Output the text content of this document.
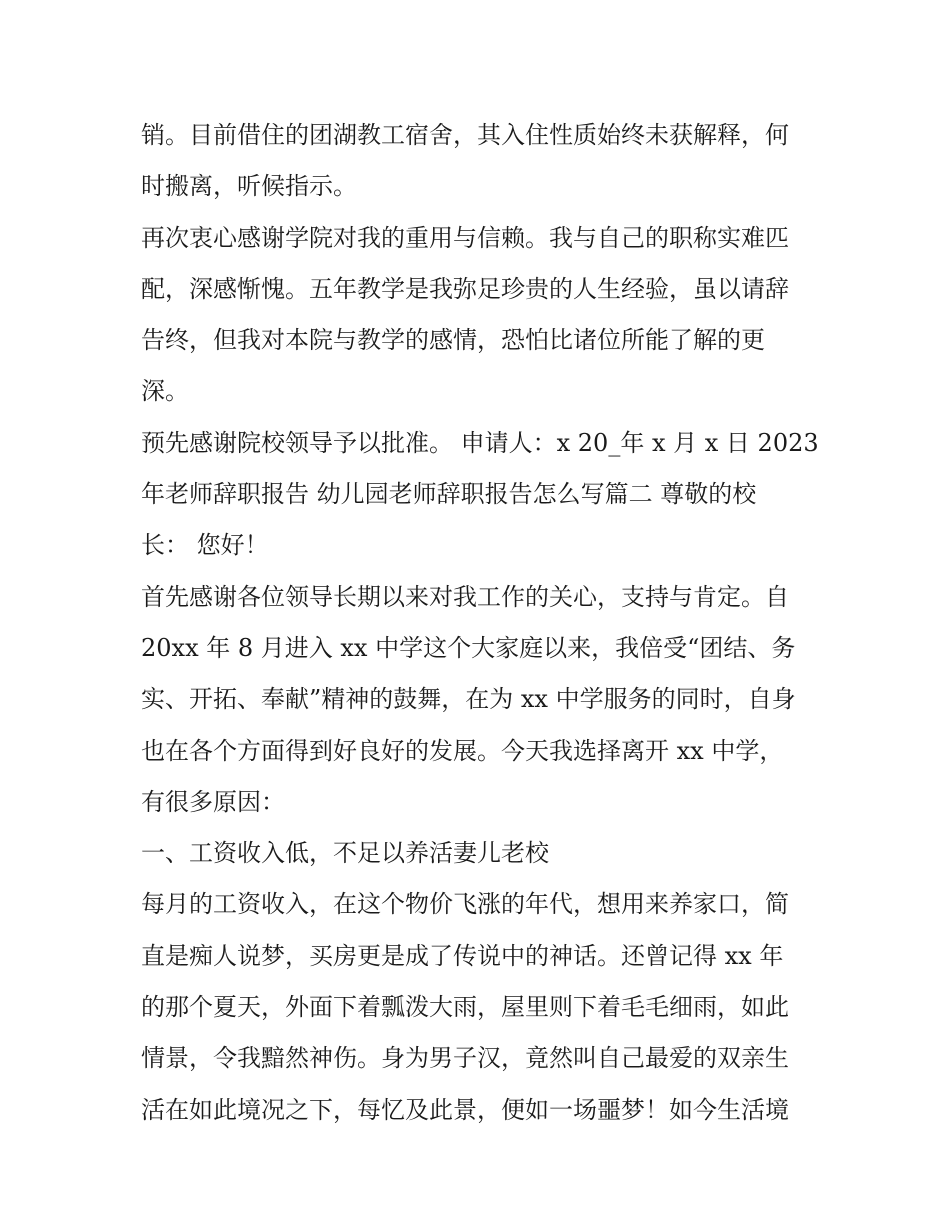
销。目前借住的团湖教工宿舍，其入住性质始终未获解释，何
时搬离，听候指示。
再次衷心感谢学院对我的重用与信赖。我与自己的职称实难匹
配，深感惭愧。五年教学是我弥足珍贵的人生经验，虽以请辞
告终，但我对本院与教学的感情，恐怕比诸位所能了解的更
深。
预先感谢院校领导予以批准。 申请人：x 20_年 x 月 x 日 2023
年老师辞职报告 幼儿园老师辞职报告怎么写篇二 尊敬的校
长： 您好！
首先感谢各位领导长期以来对我工作的关心，支持与肯定。自
20xx 年 8 月进入 xx 中学这个大家庭以来，我倍受“团结、务
实、开拓、奉献”精神的鼓舞，在为 xx 中学服务的同时，自身
也在各个方面得到好良好的发展。今天我选择离开 xx 中学，
有很多原因：
一、工资收入低，不足以养活妻儿老校
每月的工资收入，在这个物价飞涨的年代，想用来养家口，简
直是痴人说梦，买房更是成了传说中的神话。还曾记得 xx 年
的那个夏天，外面下着瓢泼大雨，屋里则下着毛毛细雨，如此
情景，令我黯然神伤。身为男子汉，竟然叫自己最爱的双亲生
活在如此境况之下，每忆及此景，便如一场噩梦！如今生活境
